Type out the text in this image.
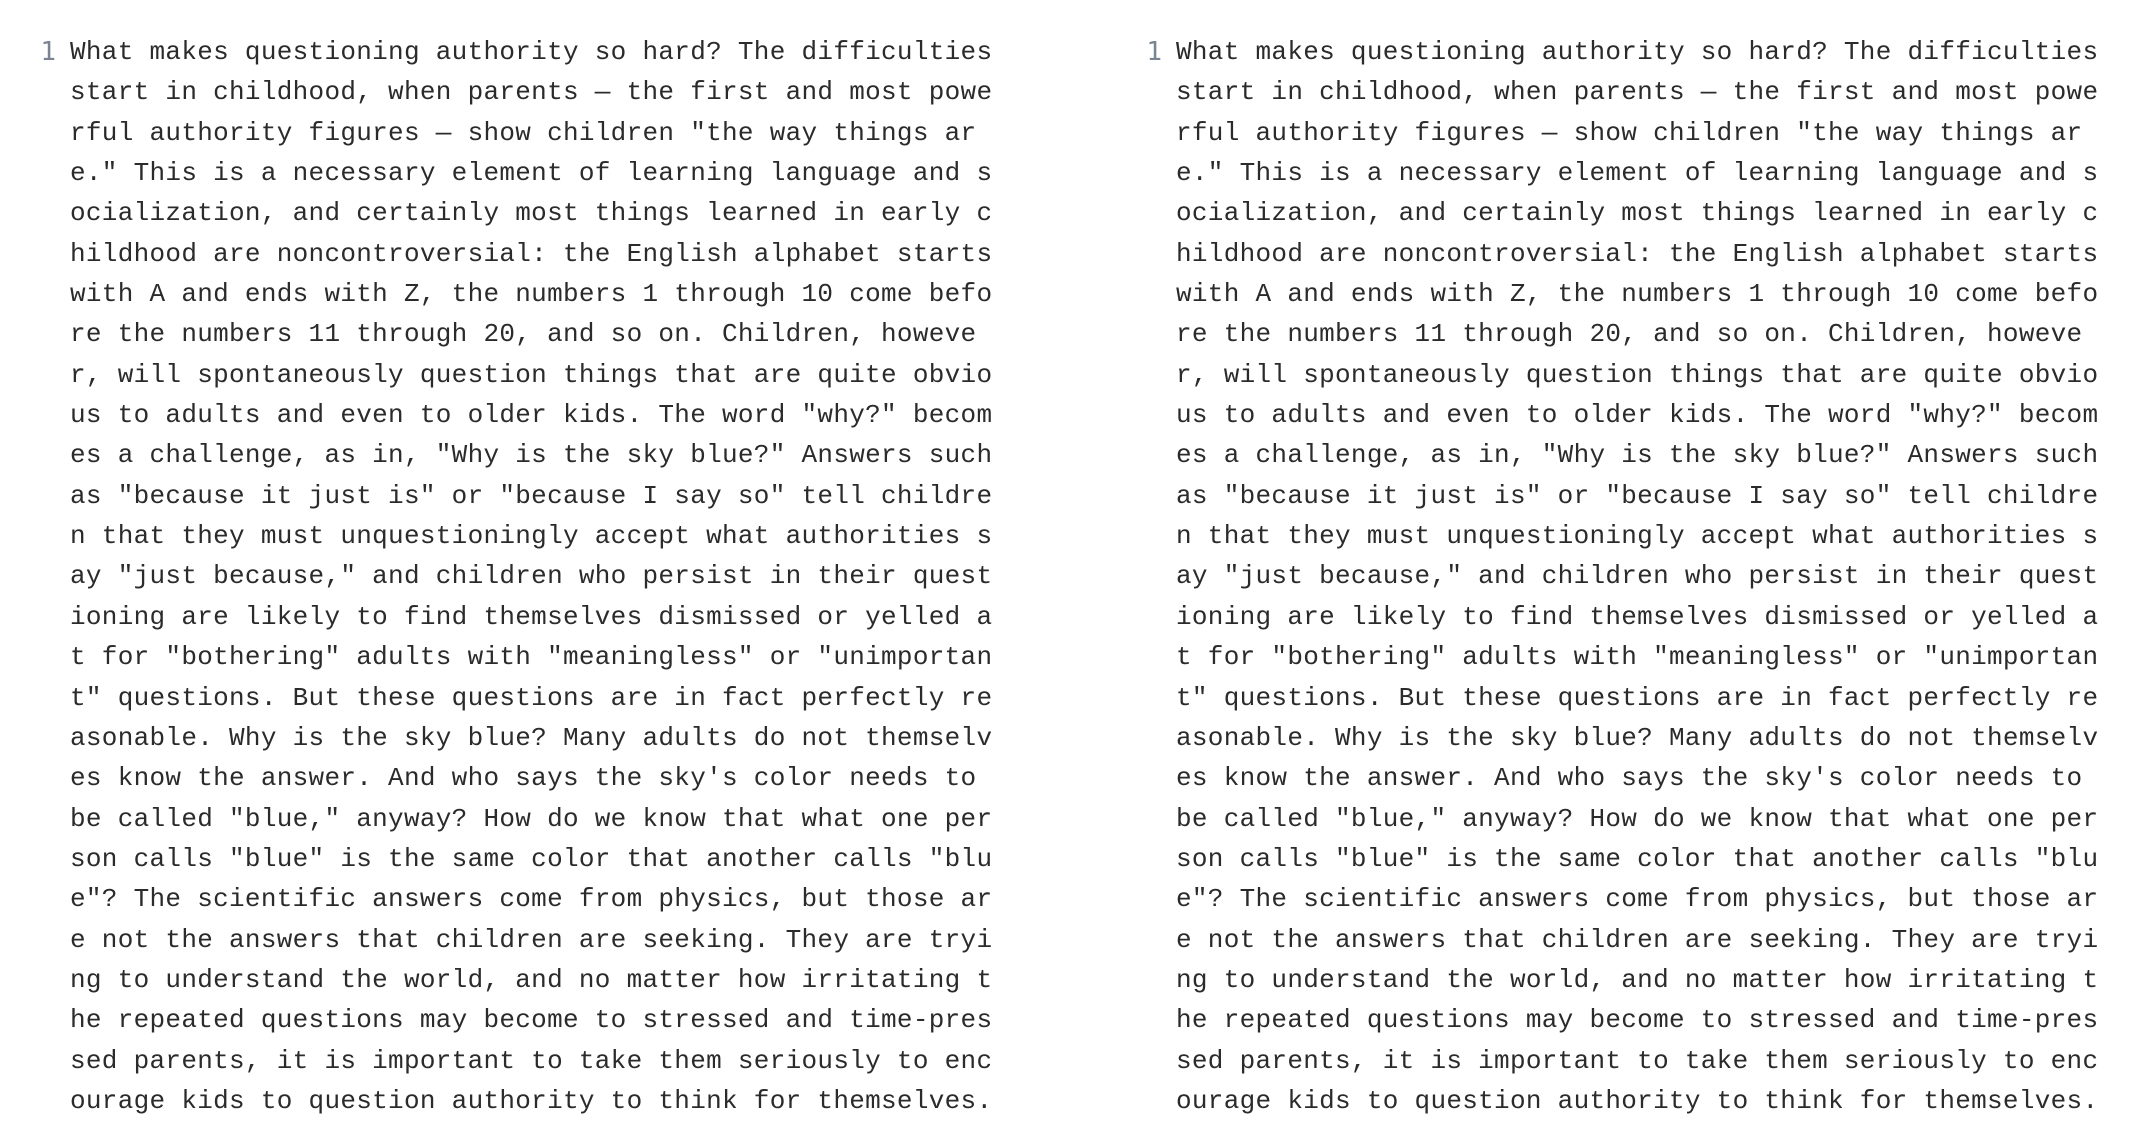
1 What makes questioning authority so hard? The difficulties
start in childhood, when parents — the first and most powe
rful authority figures — show children "the way things ar
e." This is a necessary element of learning language and s
ocialization, and certainly most things learned in early c
hildhood are noncontroversial: the English alphabet starts
with A and ends with Z, the numbers 1 through 10 come befo
re the numbers 11 through 20, and so on. Children, howeve
r, will spontaneously question things that are quite obvio
us to adults and even to older kids. The word "why?" becom
es a challenge, as in, "Why is the sky blue?" Answers such
as "because it just is" or "because I say so" tell childre
n that they must unquestioningly accept what authorities s
ay "just because," and children who persist in their quest
ioning are likely to find themselves dismissed or yelled a
t for "bothering" adults with "meaningless" or "unimportan
t" questions. But these questions are in fact perfectly re
asonable. Why is the sky blue? Many adults do not themselv
es know the answer. And who says the sky's color needs to
be called "blue," anyway? How do we know that what one per
son calls "blue" is the same color that another calls "blu
e"? The scientific answers come from physics, but those ar
e not the answers that children are seeking. They are tryi
ng to understand the world, and no matter how irritating t
he repeated questions may become to stressed and time-pres
sed parents, it is important to take them seriously to enc
ourage kids to question authority to think for themselves.
1 What makes questioning authority so hard? The difficulties
start in childhood, when parents — the first and most powe
rful authority figures — show children "the way things ar
e." This is a necessary element of learning language and s
ocialization, and certainly most things learned in early c
hildhood are noncontroversial: the English alphabet starts
with A and ends with Z, the numbers 1 through 10 come befo
re the numbers 11 through 20, and so on. Children, howeve
r, will spontaneously question things that are quite obvio
us to adults and even to older kids. The word "why?" becom
es a challenge, as in, "Why is the sky blue?" Answers such
as "because it just is" or "because I say so" tell childre
n that they must unquestioningly accept what authorities s
ay "just because," and children who persist in their quest
ioning are likely to find themselves dismissed or yelled a
t for "bothering" adults with "meaningless" or "unimportan
t" questions. But these questions are in fact perfectly re
asonable. Why is the sky blue? Many adults do not themselv
es know the answer. And who says the sky's color needs to
be called "blue," anyway? How do we know that what one per
son calls "blue" is the same color that another calls "blu
e"? The scientific answers come from physics, but those ar
e not the answers that children are seeking. They are tryi
ng to understand the world, and no matter how irritating t
he repeated questions may become to stressed and time-pres
sed parents, it is important to take them seriously to enc
ourage kids to question authority to think for themselves.
